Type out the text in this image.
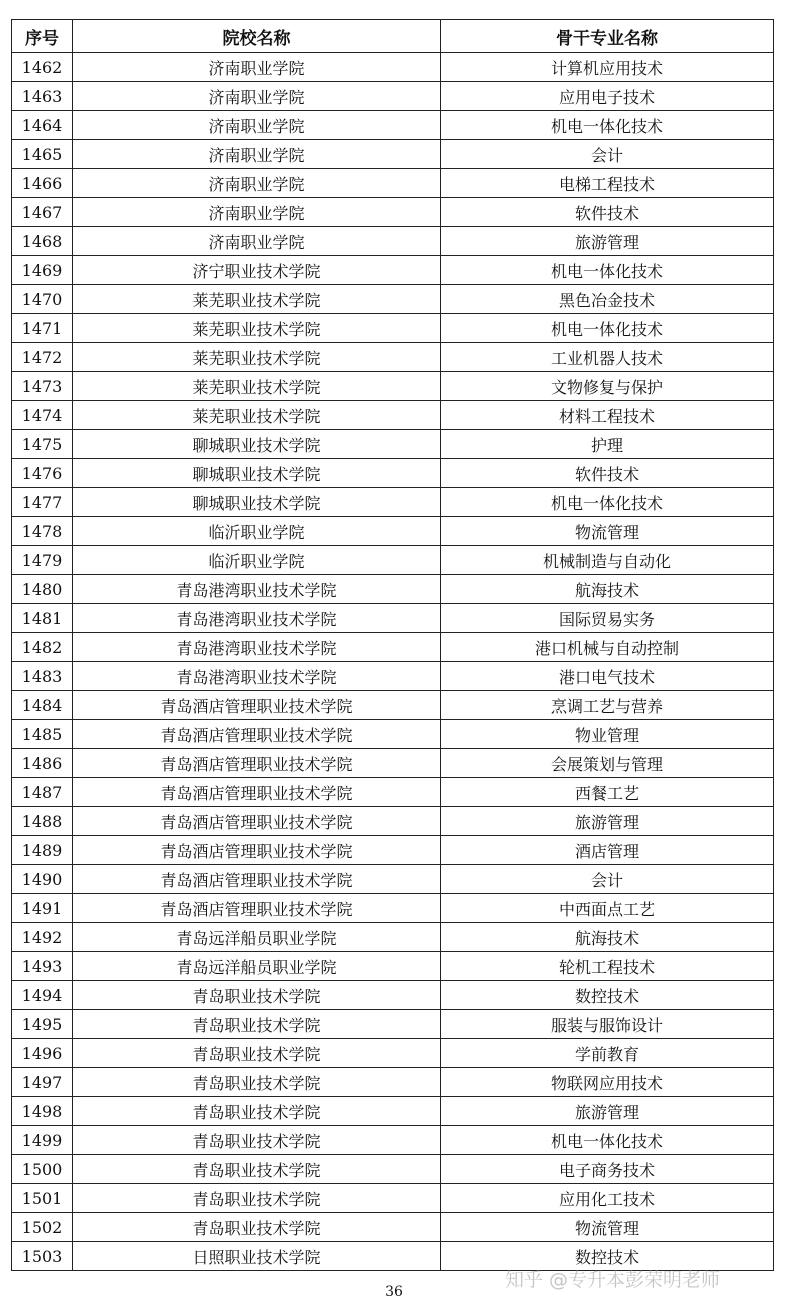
序号	院校名称	骨干专业名称
1462	济南职业学院	计算机应用技术
1463	济南职业学院	应用电子技术
1464	济南职业学院	机电一体化技术
1465	济南职业学院	会计
1466	济南职业学院	电梯工程技术
1467	济南职业学院	软件技术
1468	济南职业学院	旅游管理
1469	济宁职业技术学院	机电一体化技术
1470	莱芜职业技术学院	黑色冶金技术
1471	莱芜职业技术学院	机电一体化技术
1472	莱芜职业技术学院	工业机器人技术
1473	莱芜职业技术学院	文物修复与保护
1474	莱芜职业技术学院	材料工程技术
1475	聊城职业技术学院	护理
1476	聊城职业技术学院	软件技术
1477	聊城职业技术学院	机电一体化技术
1478	临沂职业学院	物流管理
1479	临沂职业学院	机械制造与自动化
1480	青岛港湾职业技术学院	航海技术
1481	青岛港湾职业技术学院	国际贸易实务
1482	青岛港湾职业技术学院	港口机械与自动控制
1483	青岛港湾职业技术学院	港口电气技术
1484	青岛酒店管理职业技术学院	烹调工艺与营养
1485	青岛酒店管理职业技术学院	物业管理
1486	青岛酒店管理职业技术学院	会展策划与管理
1487	青岛酒店管理职业技术学院	西餐工艺
1488	青岛酒店管理职业技术学院	旅游管理
1489	青岛酒店管理职业技术学院	酒店管理
1490	青岛酒店管理职业技术学院	会计
1491	青岛酒店管理职业技术学院	中西面点工艺
1492	青岛远洋船员职业学院	航海技术
1493	青岛远洋船员职业学院	轮机工程技术
1494	青岛职业技术学院	数控技术
1495	青岛职业技术学院	服装与服饰设计
1496	青岛职业技术学院	学前教育
1497	青岛职业技术学院	物联网应用技术
1498	青岛职业技术学院	旅游管理
1499	青岛职业技术学院	机电一体化技术
1500	青岛职业技术学院	电子商务技术
1501	青岛职业技术学院	应用化工技术
1502	青岛职业技术学院	物流管理
1503	日照职业技术学院	数控技术
36
知乎 @专升本彭荣明老师
